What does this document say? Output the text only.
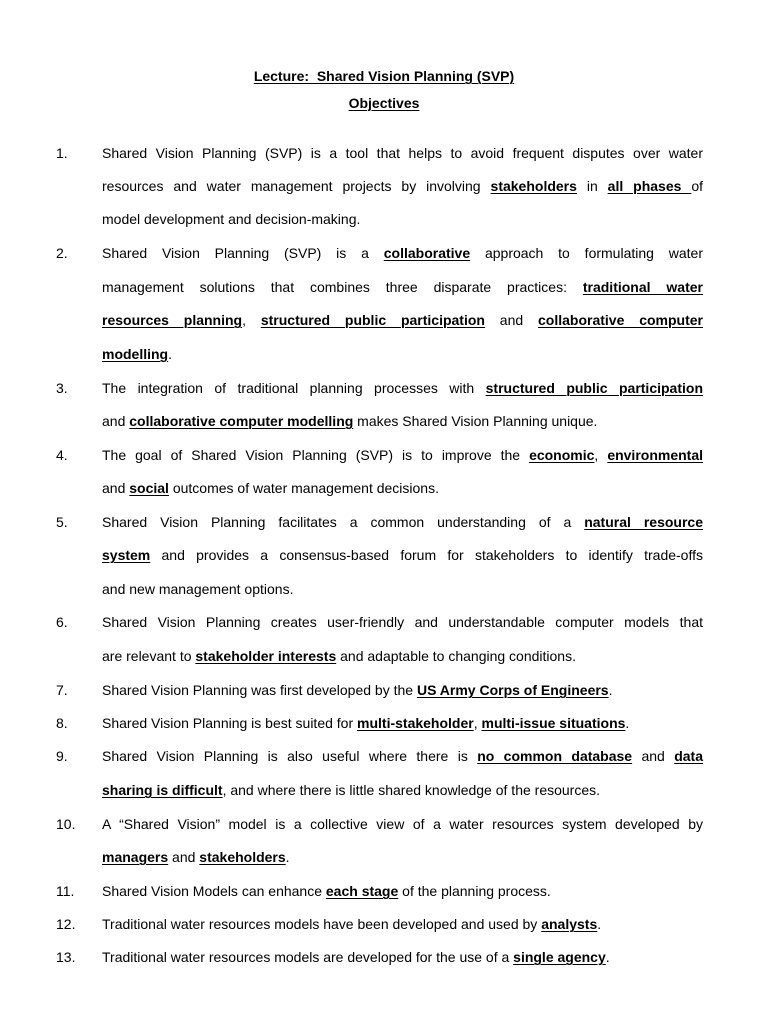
Lecture:  Shared Vision Planning (SVP)
Objectives
1. Shared Vision Planning (SVP) is a tool that helps to avoid frequent disputes over water
resources and water management projects by involving stakeholders in all phases of
model development and decision-making.
2. Shared Vision Planning (SVP) is a collaborative approach to formulating water
management solutions that combines three disparate practices: traditional water
resources planning, structured public participation and collaborative computer
modelling.
3. The integration of traditional planning processes with structured public participation
and collaborative computer modelling makes Shared Vision Planning unique.
4. The goal of Shared Vision Planning (SVP) is to improve the economic, environmental
and social outcomes of water management decisions.
5. Shared Vision Planning facilitates a common understanding of a natural resource
system and provides a consensus-based forum for stakeholders to identify trade-offs
and new management options.
6. Shared Vision Planning creates user-friendly and understandable computer models that
are relevant to stakeholder interests and adaptable to changing conditions.
7. Shared Vision Planning was first developed by the US Army Corps of Engineers.
8. Shared Vision Planning is best suited for multi-stakeholder, multi-issue situations.
9. Shared Vision Planning is also useful where there is no common database and data
sharing is difficult, and where there is little shared knowledge of the resources.
10. A “Shared Vision” model is a collective view of a water resources system developed by
managers and stakeholders.
11. Shared Vision Models can enhance each stage of the planning process.
12. Traditional water resources models have been developed and used by analysts.
13. Traditional water resources models are developed for the use of a single agency.
